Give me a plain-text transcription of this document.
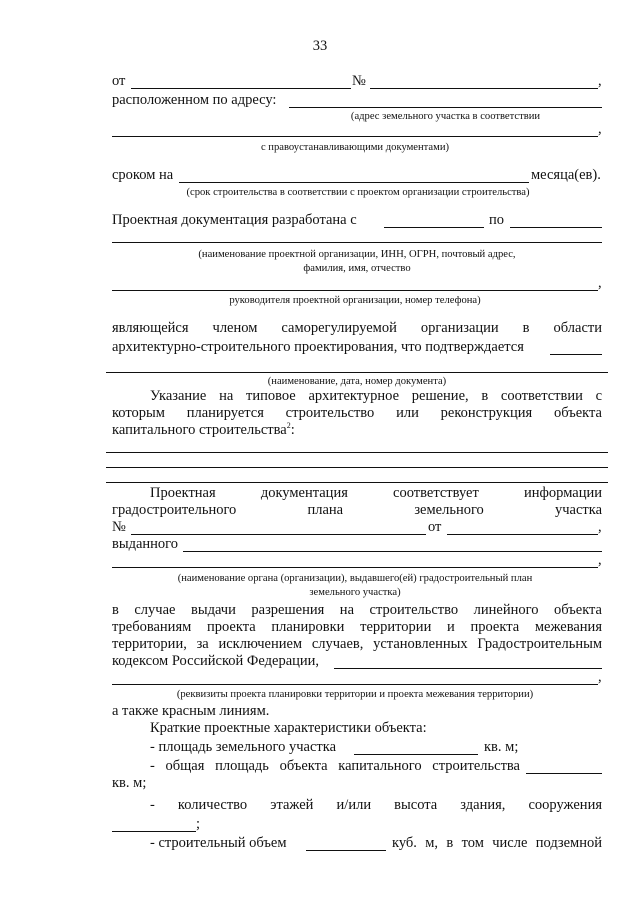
33
от	№	,
расположенном по адресу:
(адрес земельного участка в соответствии
,
с правоустанавливающими документами)
сроком на	месяца(ев).
(срок строительства в соответствии с проектом организации строительства)
Проектная документация разработана с	по
(наименование проектной организации, ИНН, ОГРН, почтовый адрес,
фамилия, имя, отчество
,
руководителя проектной организации, номер телефона)
являющейся членом саморегулируемой организации в области
архитектурно-строительного проектирования, что подтверждается
(наименование, дата, номер документа)
Указание на типовое архитектурное решение, в соответствии с
которым планируется строительство или реконструкция объекта
капитального строительства$^2$:
Проектная документация соответствует информации
градостроительного плана земельного участка
№	от	,
выданного
,
(наименование органа (организации), выдавшего(ей) градостроительный план
земельного участка)
в случае выдачи разрешения на строительство линейного объекта
требованиям проекта планировки территории и проекта межевания
территории, за исключением случаев, установленных Градостроительным
кодексом Российской Федерации,
,
(реквизиты проекта планировки территории и проекта межевания территории)
а также красным линиям.
Краткие проектные характеристики объекта:
- площадь земельного участка	кв. м;
- общая площадь объекта капитального строительства
кв. м;
- количество этажей и/или высота здания, сооружения
;
- строительный объем	куб. м, в том числе подземной
